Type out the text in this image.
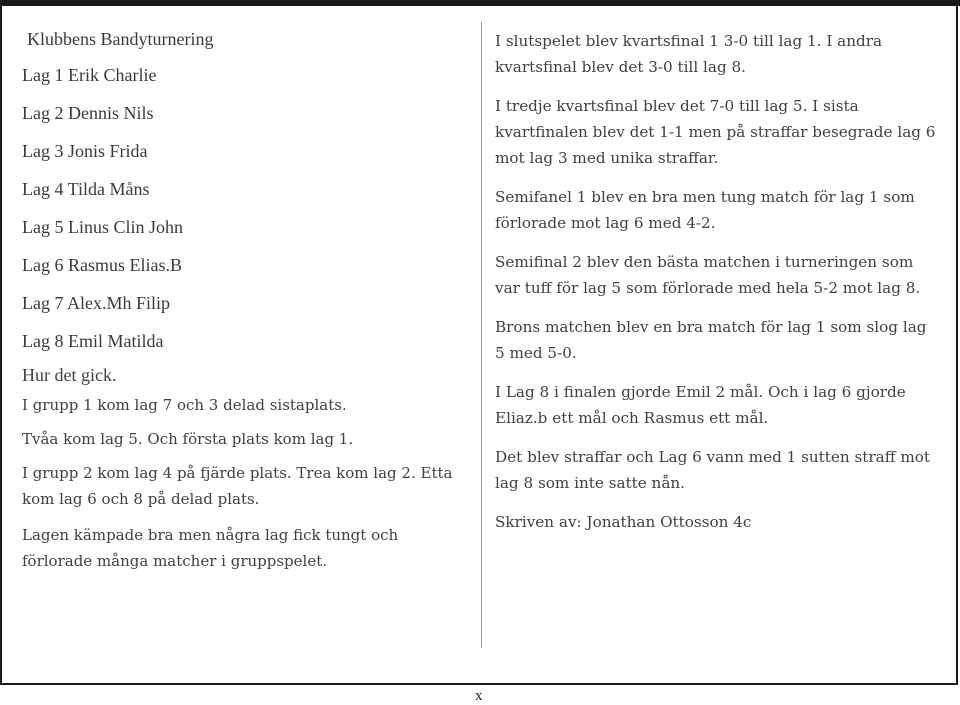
Klubbens Bandyturnering
Lag 1 Erik Charlie
Lag 2 Dennis Nils
Lag 3 Jonis Frida
Lag 4 Tilda Måns
Lag 5 Linus Clin John
Lag 6 Rasmus Elias.B
Lag 7 Alex.Mh Filip
Lag 8 Emil Matilda
Hur det gick.
I grupp 1 kom lag 7 och 3 delad sistaplats.
Tvåa kom lag 5. Och första plats kom lag 1.
I grupp 2 kom lag 4 på fjärde plats. Trea kom lag 2. Etta kom lag 6 och 8 på delad plats.
Lagen kämpade bra men några lag fick tungt och förlorade många matcher i gruppspelet.
I slutspelet blev kvartsfinal 1 3-0 till lag 1. I andra kvartsfinal blev det 3-0 till lag 8.
I tredje kvartsfinal blev det 7-0 till lag 5. I sista kvartfinalen blev det 1-1 men på straffar besegrade lag 6 mot lag 3 med unika straffar.
Semifanel 1 blev en bra men tung match för lag 1 som förlorade mot lag 6 med 4-2.
Semifinal 2 blev den bästa matchen i turneringen som var tuff för lag 5 som förlorade med hela 5-2 mot lag 8.
Brons matchen blev en bra match för lag 1 som slog lag 5 med 5-0.
I Lag 8 i finalen gjorde Emil 2 mål. Och i lag 6 gjorde Eliaz.b ett mål och Rasmus ett mål.
Det blev straffar och Lag 6 vann med 1 sutten straff mot lag 8 som inte satte nån.
Skriven av: Jonathan Ottosson 4c
x
